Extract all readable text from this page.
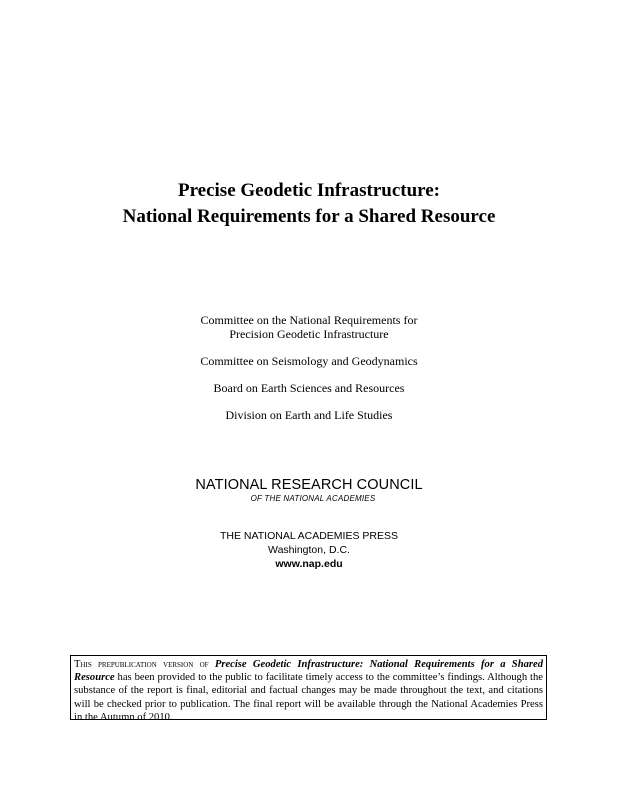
Precise Geodetic Infrastructure:
National Requirements for a Shared Resource
Committee on the National Requirements for
Precision Geodetic Infrastructure
Committee on Seismology and Geodynamics
Board on Earth Sciences and Resources
Division on Earth and Life Studies
NATIONAL RESEARCH COUNCIL
OF THE NATIONAL ACADEMIES
THE NATIONAL ACADEMIES PRESS
Washington, D.C.
www.nap.edu
This prepublication version of Precise Geodetic Infrastructure: National Requirements for a Shared Resource has been provided to the public to facilitate timely access to the committee’s findings. Although the substance of the report is final, editorial and factual changes may be made throughout the text, and citations will be checked prior to publication. The final report will be available through the National Academies Press in the Autumn of 2010.
